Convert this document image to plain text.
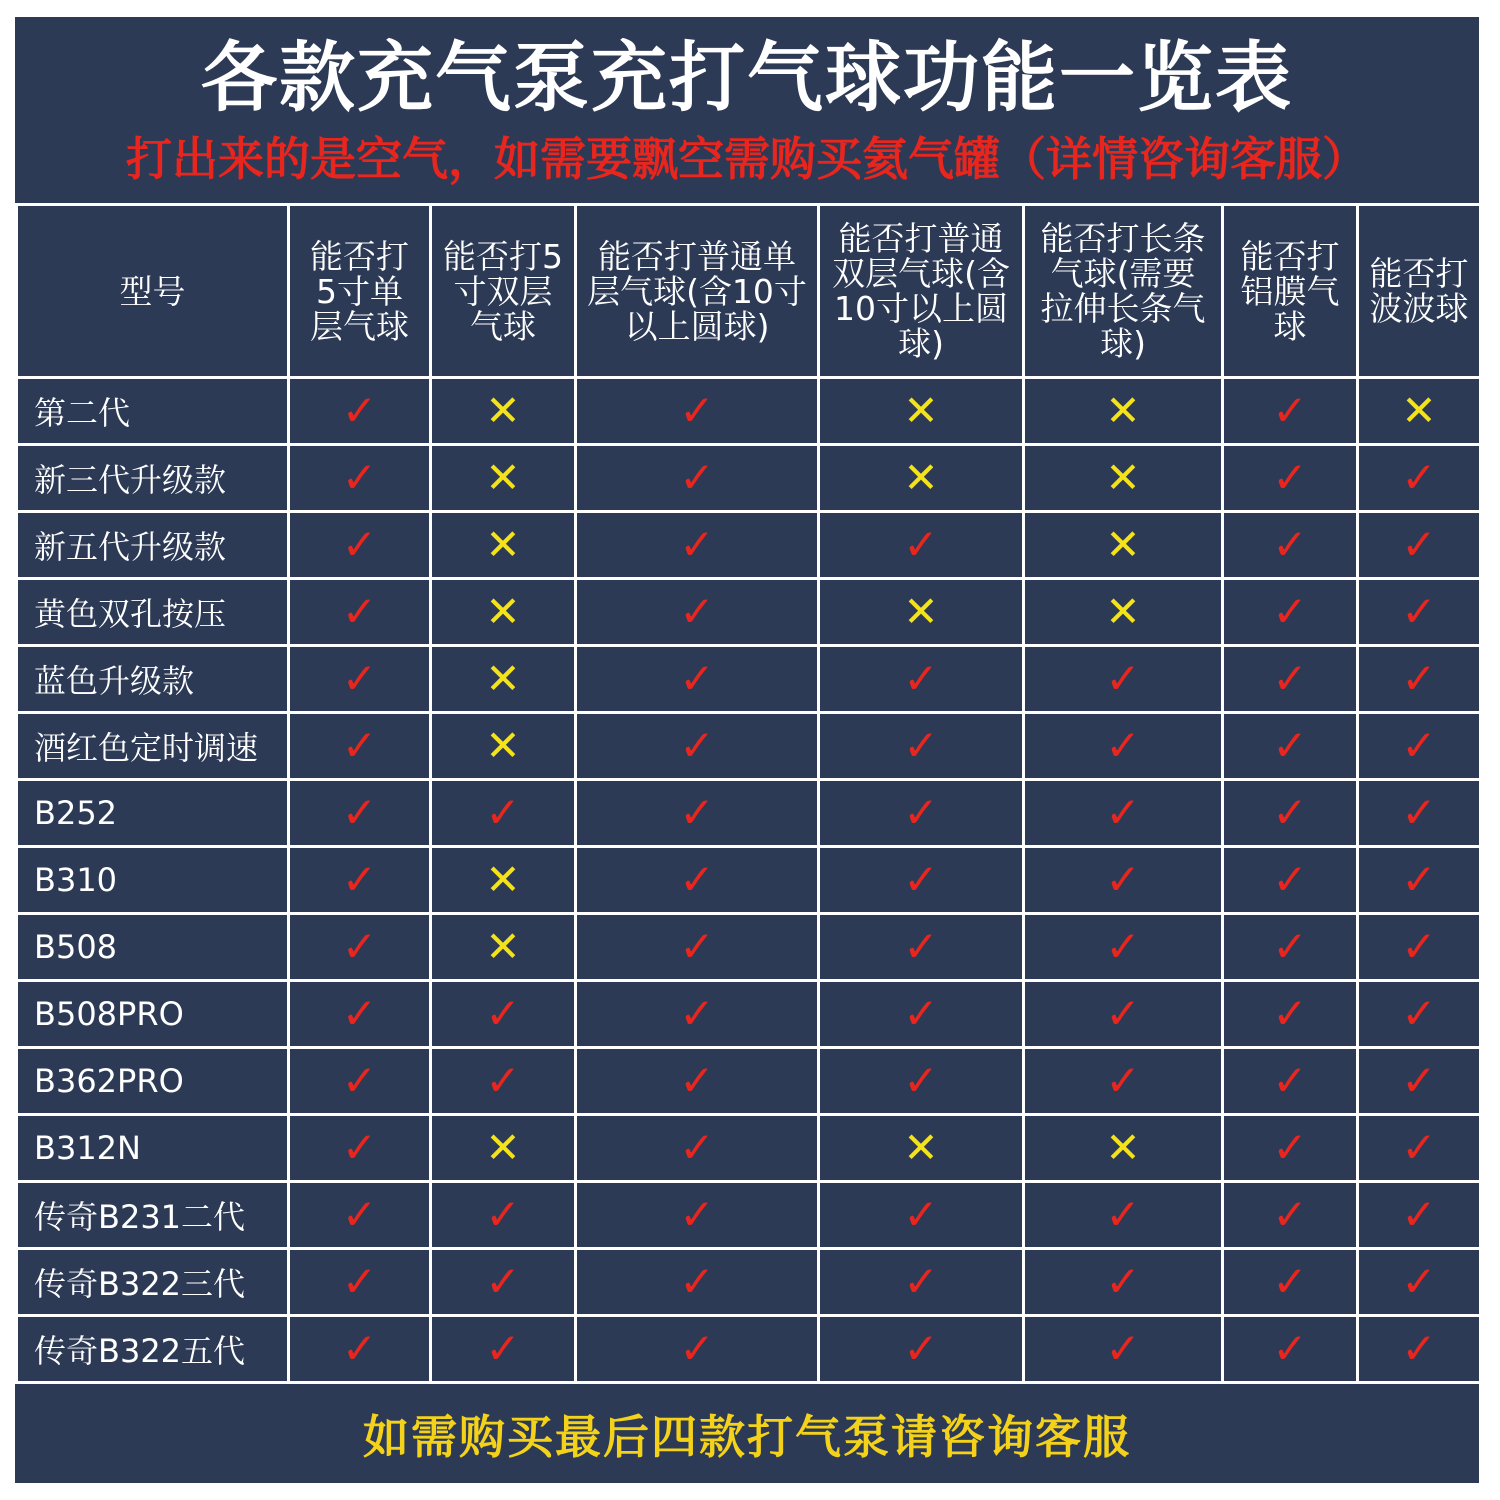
各款充气泵充打气球功能一览表
打出来的是空气，如需要飘空需购买氦气罐（详情咨询客服）
型号	能否打5寸单层气球	能否打5寸双层气球	能否打普通单层气球(含10寸以上圆球)	能否打普通双层气球(含10寸以上圆球)	能否打长条气球(需要拉伸长条气球)	能否打铝膜气球	能否打波波球

第二代	✓	✕	✓	✕	✕	✓	✕
新三代升级款	✓	✕	✓	✕	✕	✓	✓
新五代升级款	✓	✕	✓	✓	✕	✓	✓
黄色双孔按压	✓	✕	✓	✕	✕	✓	✓
蓝色升级款	✓	✕	✓	✓	✓	✓	✓
酒红色定时调速	✓	✕	✓	✓	✓	✓	✓
B252	✓	✓	✓	✓	✓	✓	✓
B310	✓	✕	✓	✓	✓	✓	✓
B508	✓	✕	✓	✓	✓	✓	✓
B508PRO	✓	✓	✓	✓	✓	✓	✓
B362PRO	✓	✓	✓	✓	✓	✓	✓
B312N	✓	✕	✓	✕	✕	✓	✓
传奇B231二代	✓	✓	✓	✓	✓	✓	✓
传奇B322三代	✓	✓	✓	✓	✓	✓	✓
传奇B322五代	✓	✓	✓	✓	✓	✓	✓
如需购买最后四款打气泵请咨询客服
